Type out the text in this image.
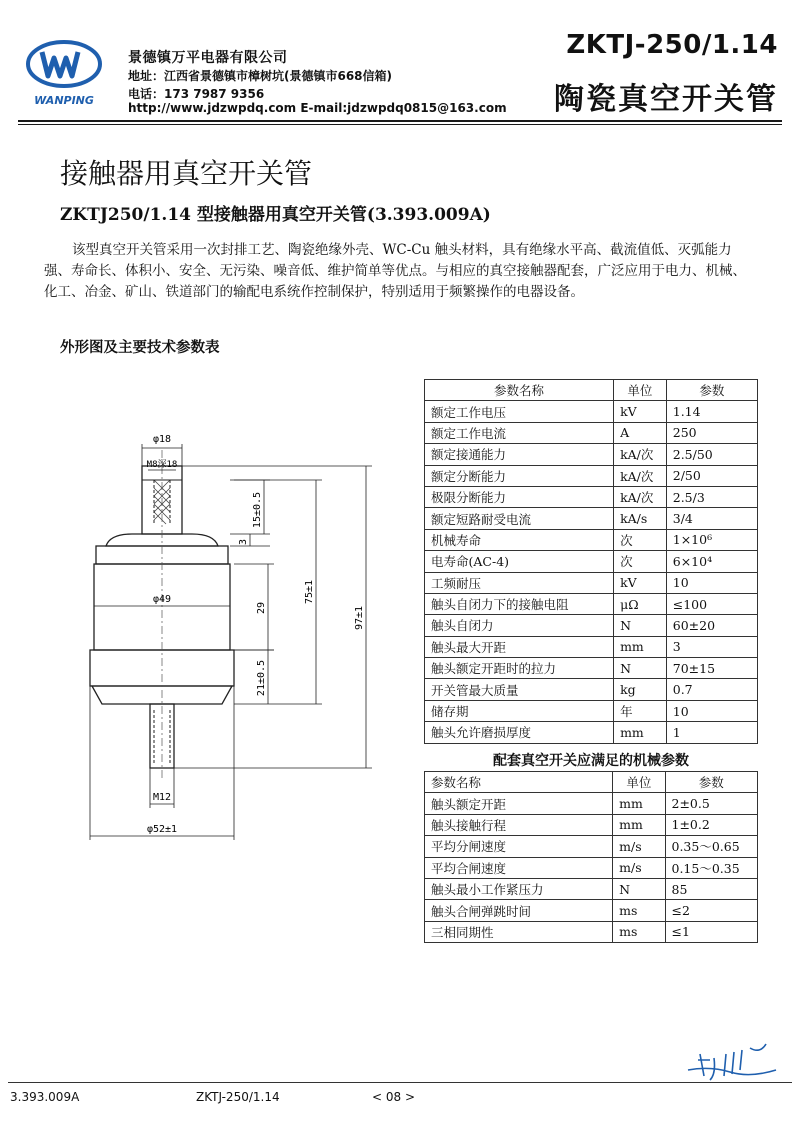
WANPING
景德镇万平电器有限公司
地址：江西省景德镇市樟树坑(景德镇市668信箱)
电话：173 7987 9356
http://www.jdzwpdq.com E-mail:jdzwpdq0815@163.com
ZKTJ-250/1.14
陶瓷真空开关管
接触器用真空开关管
ZKTJ250/1.14 型接触器用真空开关管(3.393.009A)
该型真空开关管采用一次封排工艺、陶瓷绝缘外壳、WC-Cu 触头材料，具有绝缘水平高、截流值低、灭弧能力强、寿命长、体积小、安全、无污染、噪音低、维护简单等优点。与相应的真空接触器配套，广泛应用于电力、机械、化工、冶金、矿山、铁道部门的输配电系统作控制保护，特别适用于频繁操作的电器设备。
外形图及主要技术参数表
φ18
M8深18
15±0.5
3
φ49
29
75±1
97±1
21±0.5
M12
φ52±1
参数名称	单位	参数
额定工作电压	kV	1.14
额定工作电流	A	250
额定接通能力	kA/次	2.5/50
额定分断能力	kA/次	2/50
极限分断能力	kA/次	2.5/3
额定短路耐受电流	kA/s	3/4
机械寿命	次	1×10⁶
电寿命(AC-4)	次	6×10⁴
工频耐压	kV	10
触头自闭力下的接触电阻	μΩ	≤100
触头自闭力	N	60±20
触头最大开距	mm	3
触头额定开距时的拉力	N	70±15
开关管最大质量	kg	0.7
储存期	年	10
触头允许磨损厚度	mm	1
配套真空开关应满足的机械参数
参数名称	单位	参数
触头额定开距	mm	2±0.5
触头接触行程	mm	1±0.2
平均分闸速度	m/s	0.35～0.65
平均合闸速度	m/s	0.15～0.35
触头最小工作紧压力	N	85
触头合闸弹跳时间	ms	≤2
三相同期性	ms	≤1
3.393.009A	ZKTJ-250/1.14	< 08 >
